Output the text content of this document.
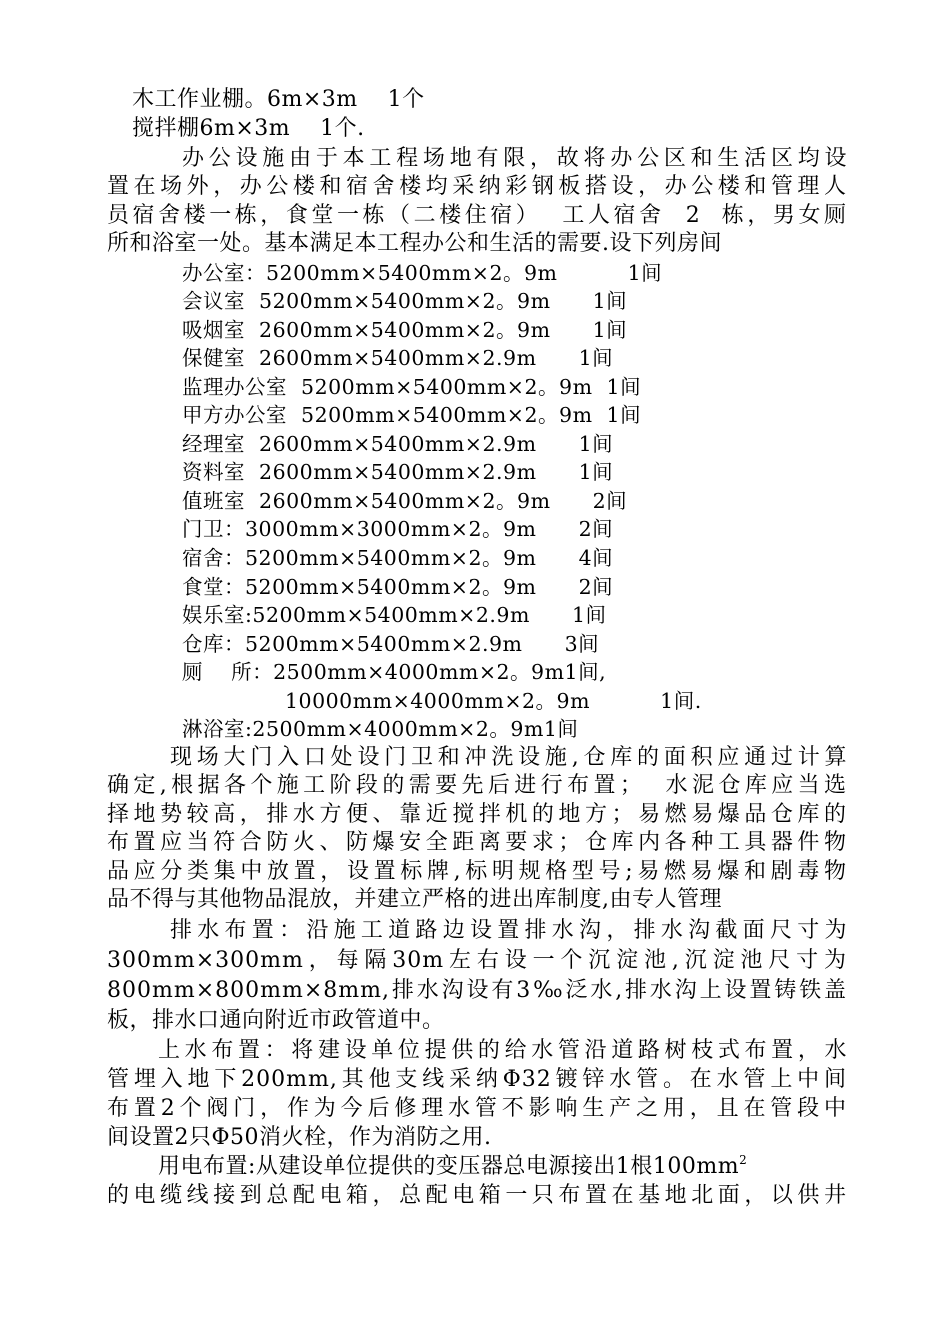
木工作业棚。6m×3m    1个
搅拌棚6m×3m    1个.
办公设施由于本工程场地有限，故将办公区和生活区均设
置在场外，办公楼和宿舍楼均采纳彩钢板搭设，办公楼和管理人
员宿舍楼一栋，食堂一栋（二楼住宿）  工人宿舍  2  栋，男女厕
所和浴室一处。基本满足本工程办公和生活的需要.设下列房间
办公室：5200mm×5400mm×2。9m          1间
会议室  5200mm×5400mm×2。9m      1间
吸烟室  2600mm×5400mm×2。9m      1间
保健室  2600mm×5400mm×2.9m      1间
监理办公室  5200mm×5400mm×2。9m  1间
甲方办公室  5200mm×5400mm×2。9m  1间
经理室  2600mm×5400mm×2.9m      1间
资料室  2600mm×5400mm×2.9m      1间
值班室  2600mm×5400mm×2。9m      2间
门卫：3000mm×3000mm×2。9m      2间
宿舍：5200mm×5400mm×2。9m      4间
食堂：5200mm×5400mm×2。9m      2间
娱乐室:5200mm×5400mm×2.9m      1间
仓库：5200mm×5400mm×2.9m      3间
厕    所：2500mm×4000mm×2。9m1间,
10000mm×4000mm×2。9m          1间.
淋浴室:2500mm×4000mm×2。9m1间
现场大门入口处设门卫和冲洗设施,仓库的面积应通过计算
确定,根据各个施工阶段的需要先后进行布置；  水泥仓库应当选
择地势较高，排水方便、靠近搅拌机的地方；易燃易爆品仓库的
布置应当符合防火、防爆安全距离要求；仓库内各种工具器件物
品应分类集中放置，设置标牌,标明规格型号;易燃易爆和剧毒物
品不得与其他物品混放，并建立严格的进出库制度,由专人管理
排水布置：沿施工道路边设置排水沟，排水沟截面尺寸为
300mm×300mm，每隔30m左右设一个沉淀池,沉淀池尺寸为
800mm×800mm×8mm,排水沟设有3‰泛水,排水沟上设置铸铁盖
板，排水口通向附近市政管道中。
上水布置：将建设单位提供的给水管沿道路树枝式布置，水
管埋入地下200mm,其他支线采纳Φ32镀锌水管。在水管上中间
布置2个阀门，作为今后修理水管不影响生产之用，且在管段中
间设置2只Φ50消火栓，作为消防之用.
用电布置:从建设单位提供的变压器总电源接出1根$100mm^2$
的电缆线接到总配电箱，总配电箱一只布置在基地北面，以供井
